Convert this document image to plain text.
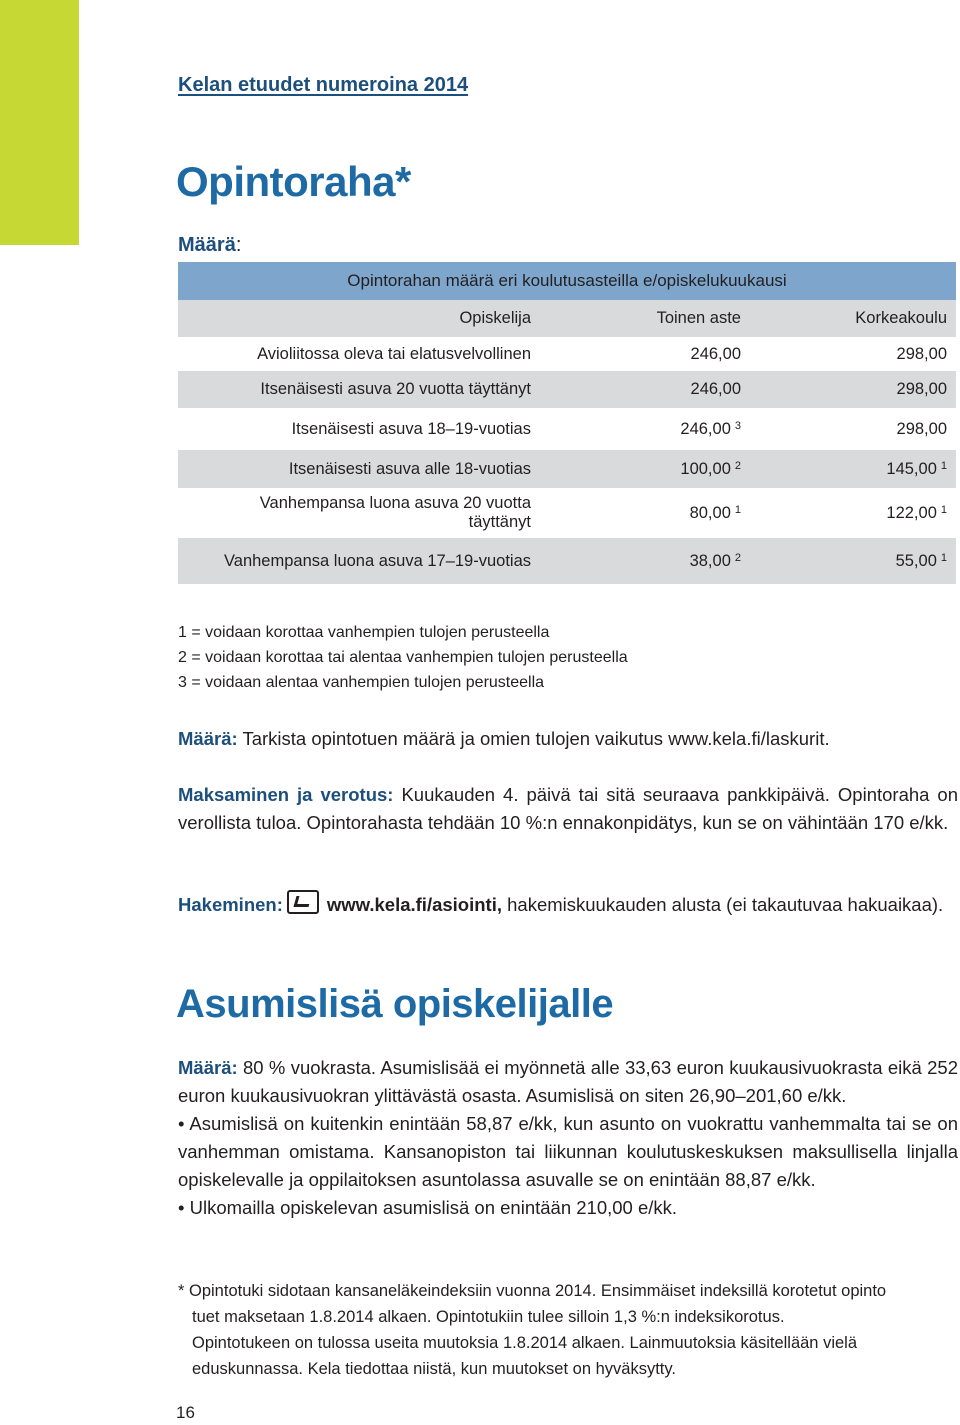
Kelan etuudet numeroina 2014
Opintoraha*
Määrä:
Opintorahan määrä eri koulutusasteilla e/opiskelukuukausi		
Opiskelija	Toinen aste	Korkeakoulu

Avioliitossa oleva tai elatusvelvollinen	246,00	298,00

Itsenäisesti asuva 20 vuotta täyttänyt	246,00	298,00

Itsenäisesti asuva 18–19-vuotias	246,00 $^3$	298,00

Itsenäisesti asuva alle 18-vuotias	100,00 $^2$	145,00 $^1$

Vanhempansa luona asuva 20 vuotta
täyttänyt	80,00 $^1$	122,00 $^1$

Vanhempansa luona asuva 17–19-vuotias	38,00 $^2$	55,00 $^1$
1 = voidaan korottaa vanhempien tulojen perusteella
2 = voidaan korottaa tai alentaa vanhempien tulojen perusteella
3 = voidaan alentaa vanhempien tulojen perusteella
Määrä: Tarkista opintotuen määrä ja omien tulojen vaikutus www.kela.fi/laskurit.
Maksaminen ja verotus: Kuukauden 4. päivä tai sitä seuraava pankkipäivä. Opintoraha on verollista tuloa. Opintorahasta tehdään 10 %:n ennakonpidätys, kun se on vähintään 170 e/kk.
Hakeminen: www.kela.fi/asiointi, hakemiskuukauden alusta (ei takautuvaa hakuaikaa).
Asumislisä opiskelijalle
Määrä: 80 % vuokrasta. Asumislisää ei myönnetä alle 33,63 euron kuukausivuokrasta eikä 252 euron kuukausivuokran ylittävästä osasta. Asumislisä on siten 26,90–201,60 e/kk.
• Asumislisä on kuitenkin enintään 58,87 e/kk, kun asunto on vuokrattu vanhemmalta tai se on vanhemman omistama. Kansanopiston tai liikunnan koulutuskeskuksen maksullisella linjalla opiskelevalle ja oppilaitoksen asuntolassa asuvalle se on enintään 88,87 e/kk.
• Ulkomailla opiskelevan asumislisä on enintään 210,00 e/kk.
* Opintotuki sidotaan kansaneläkeindeksiin vuonna 2014. Ensimmäiset indeksillä korotetut opinto
tuet maksetaan 1.8.2014 alkaen. Opintotukiin tulee silloin 1,3 %:n indeksikorotus.
Opintotukeen on tulossa useita muutoksia 1.8.2014 alkaen. Lainmuutoksia käsitellään vielä
eduskunnassa. Kela tiedottaa niistä, kun muutokset on hyväksytty.
16
